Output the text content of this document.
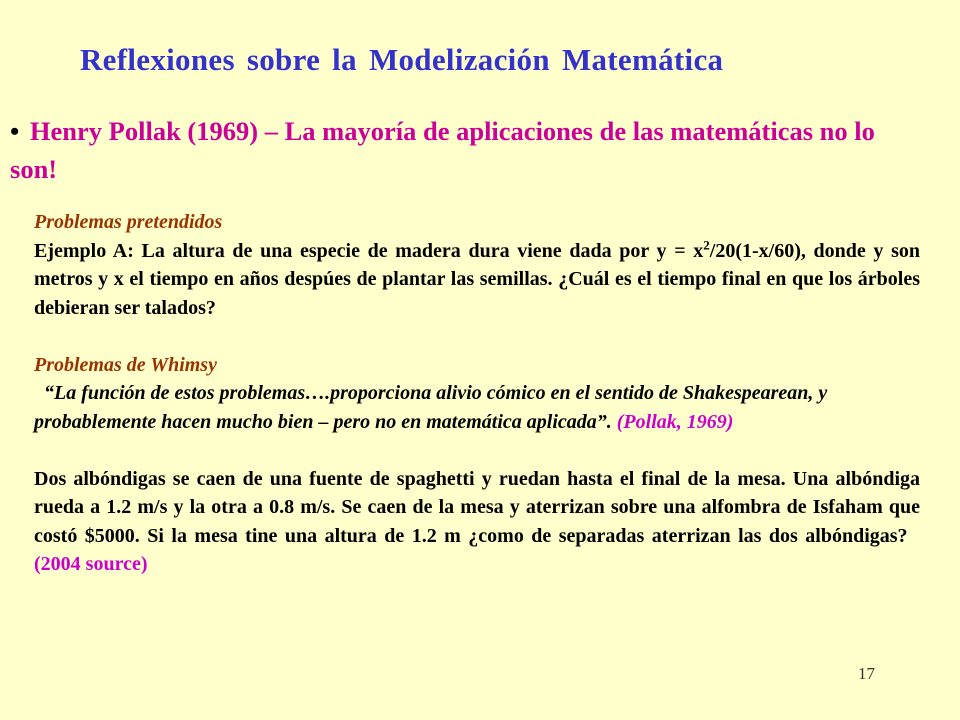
Reflexiones sobre la Modelización Matemática
• Henry Pollak (1969) – La mayoría de aplicaciones de las matemáticas no lo son!
Problemas pretendidos

Ejemplo A: La altura de una especie de madera dura viene dada por $y = x^2/20(1-x/60)$, donde y son metros y x el tiempo en años despúes de plantar las semillas. ¿Cuál es el tiempo final en que los árboles debieran ser talados?

Problemas de Whimsy

“La función de estos problemas….proporciona alivio cómico en el sentido de Shakespearean, y probablemente hacen mucho bien – pero no en matemática aplicada”. (Pollak, 1969)

Dos albóndigas se caen de una fuente de spaghetti y ruedan hasta el final de la mesa. Una albóndiga rueda a 1.2 m/s y la otra a 0.8 m/s. Se caen de la mesa y aterrizan sobre una alfombra de Isfaham que costó $5000. Si la mesa tine una altura de 1.2 m ¿como de separadas aterrizan las dos albóndigas?   (2004 source)

17
